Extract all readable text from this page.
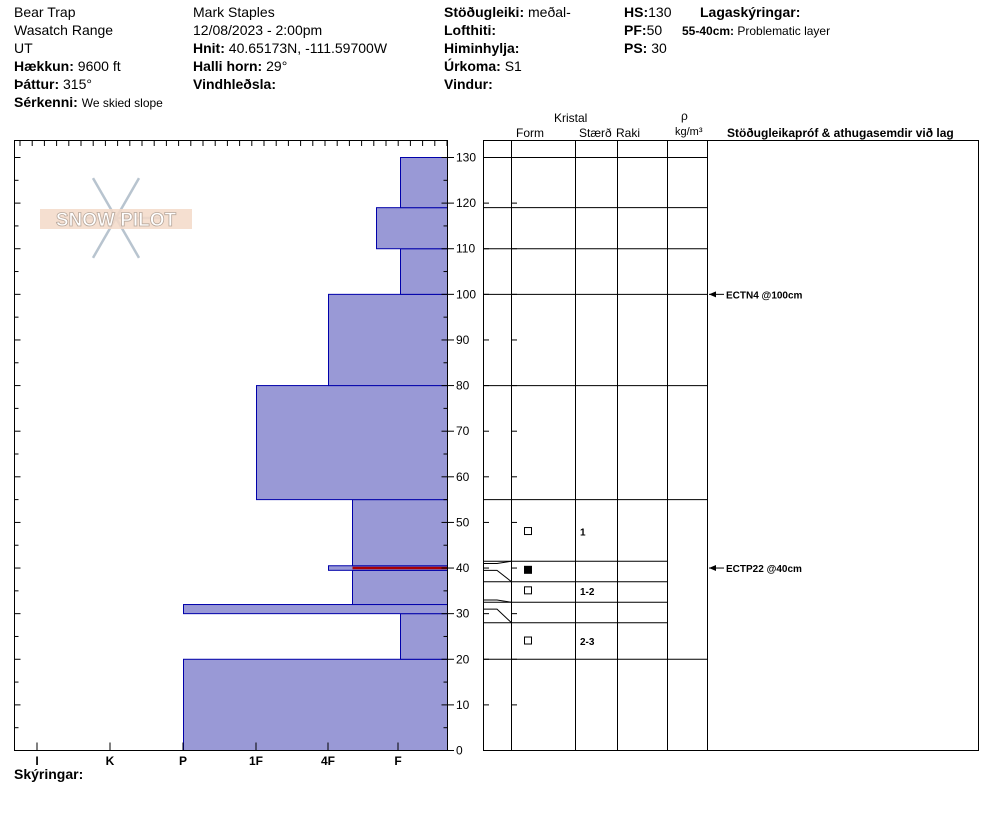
Bear Trap
Wasatch Range
UT
Hækkun: 9600 ft
Þáttur: 315°
Sérkenni: We skied slope
Mark Staples
12/08/2023 - 2:00pm
Hnit: 40.65173N, -111.59700W
Halli horn: 29°
Vindhleðsla:
Stöðugleiki: meðal-
Lofthiti:
Himinhylja:
Úrkoma: S1
Vindur:
HS:130
PF:50
PS: 30
Lagaskýringar:
55-40cm: Problematic layer
Kristal
Form	Stærð Raki
ρ
kg/m³ Stöðugleikapróf & athugasemdir við lag
Skýringar:
SNOW PILOT
0
10
20
30
40
50
60
70
80
90
100
110
120
130
I	K	P	1F	4F	F
1
1-2
2-3
ECTN4 @100cm
ECTP22 @40cm
